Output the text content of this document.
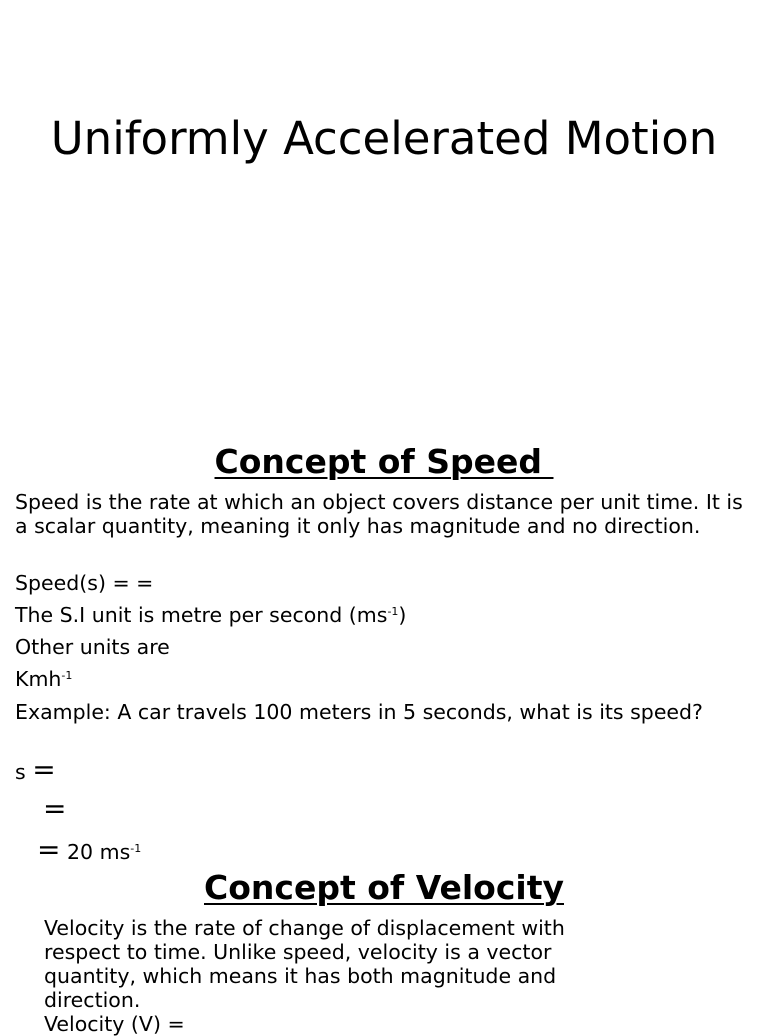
Uniformly Accelerated Motion
Concept of Speed

Speed is the rate at which an object covers distance per unit time. It is a scalar quantity, meaning it only has magnitude and no direction.

Speed(s) = =

The S.I unit is metre per second $(ms^{-1})$

Other units are

Kmh$^{-1}$

Example: A car travels 100 meters in 5 seconds, what is its speed?

s =

=

= 20 $ms^{-1}$

Concept of Velocity

Velocity is the rate of change of displacement with respect to time. Unlike speed, velocity is a vector quantity, which means it has both magnitude and direction.

Velocity (V) =
